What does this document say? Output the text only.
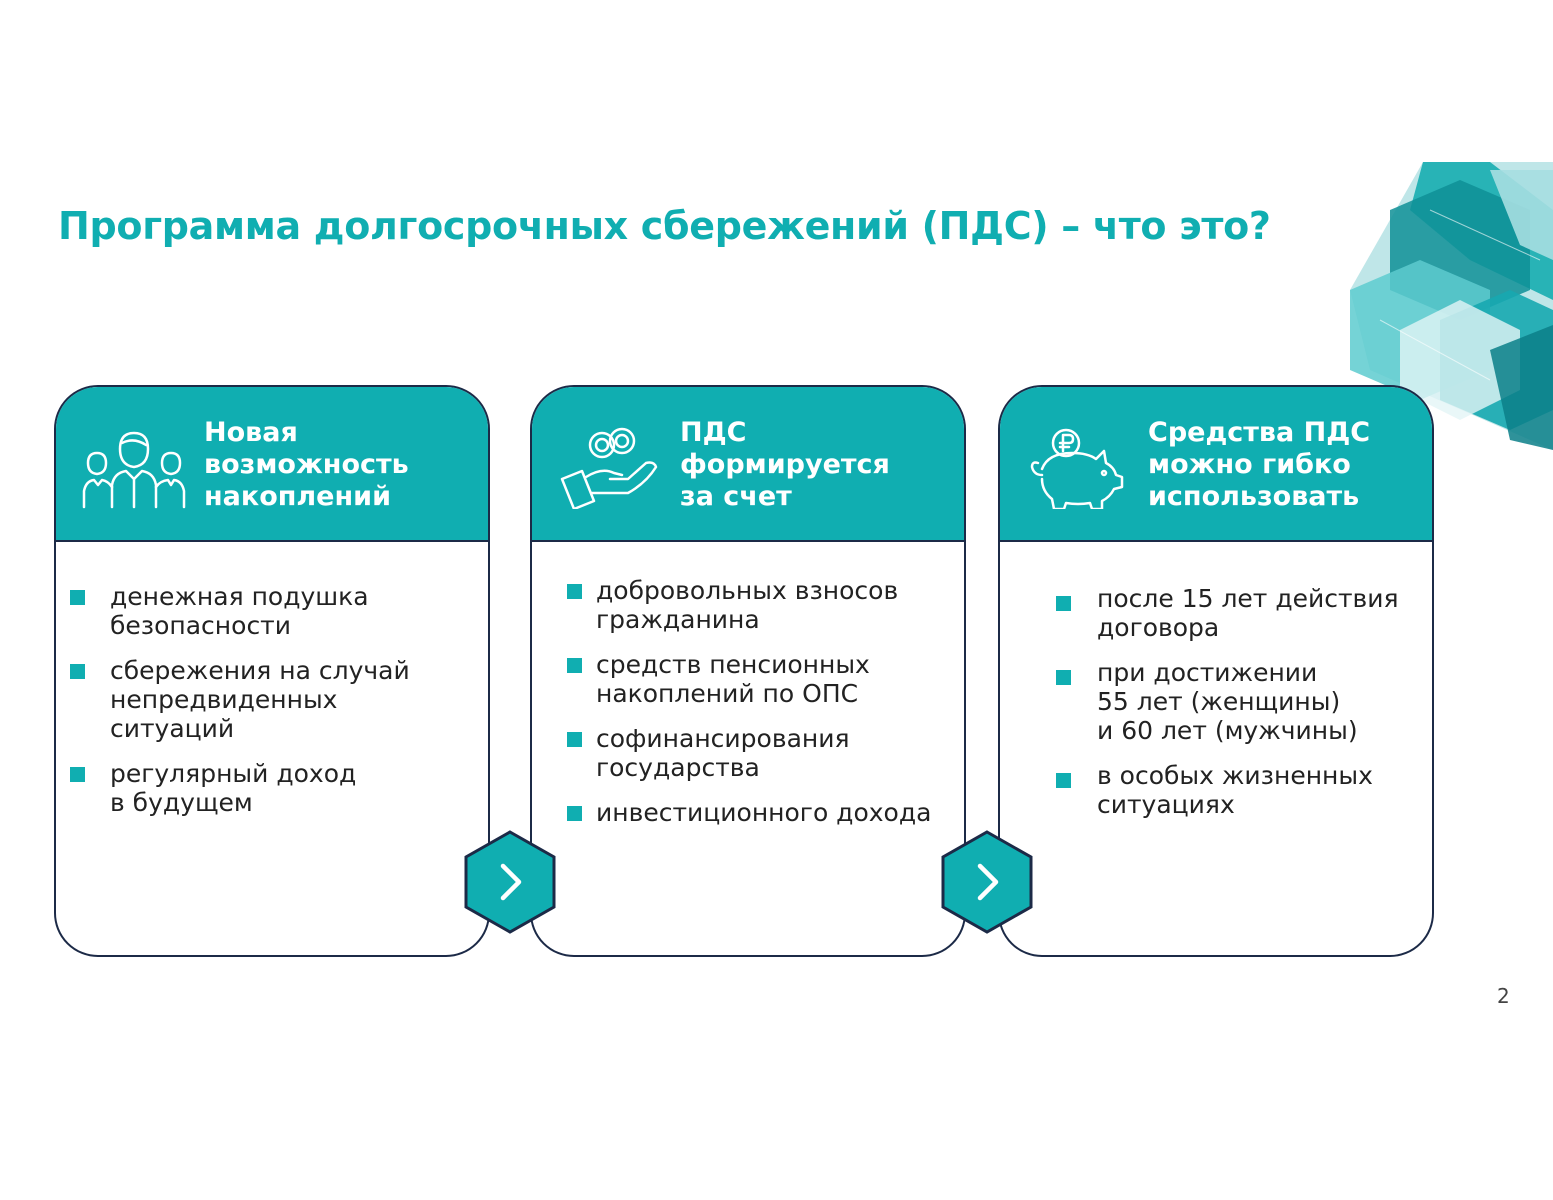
Программа долгосрочных сбережений (ПДС) – что это?
Новая
возможность
накоплений
денежная подушка
безопасности
сбережения на случай
непредвиденных
ситуаций
регулярный доход
в будущем
ПДС
формируется
за счет
добровольных взносов
гражданина
средств пенсионных
накоплений по ОПС
софинансирования
государства
инвестиционного дохода
Средства ПДС
можно гибко
использовать
после 15 лет действия
договора
при достижении
55 лет (женщины)
и 60 лет (мужчины)
в особых жизненных
ситуациях
2
